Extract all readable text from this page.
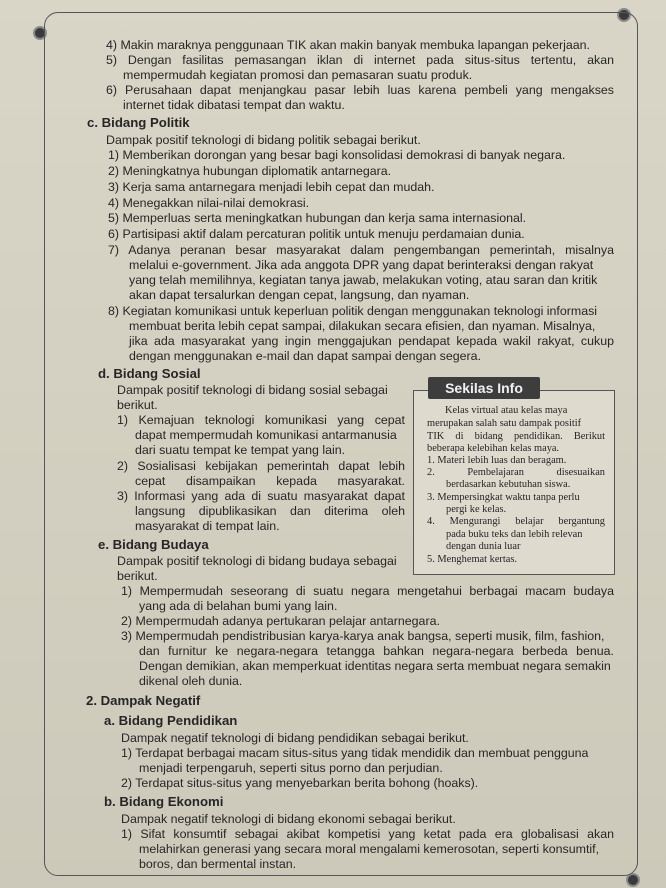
4) Makin maraknya penggunaan TIK akan makin banyak membuka lapangan pekerjaan.
5) Dengan fasilitas pemasangan iklan di internet pada situs-situs tertentu, akan
mempermudah kegiatan promosi dan pemasaran suatu produk.
6) Perusahaan dapat menjangkau pasar lebih luas karena pembeli yang mengakses
internet tidak dibatasi tempat dan waktu.
c. Bidang Politik
Dampak positif teknologi di bidang politik sebagai berikut.
1) Memberikan dorongan yang besar bagi konsolidasi demokrasi di banyak negara.
2) Meningkatnya hubungan diplomatik antarnegara.
3) Kerja sama antarnegara menjadi lebih cepat dan mudah.
4) Menegakkan nilai-nilai demokrasi.
5) Memperluas serta meningkatkan hubungan dan kerja sama internasional.
6) Partisipasi aktif dalam percaturan politik untuk menuju perdamaian dunia.
7) Adanya peranan besar masyarakat dalam pengembangan pemerintah, misalnya
melalui e-government. Jika ada anggota DPR yang dapat berinteraksi dengan rakyat
yang telah memilihnya, kegiatan tanya jawab, melakukan voting, atau saran dan kritik
akan dapat tersalurkan dengan cepat, langsung, dan nyaman.
8) Kegiatan komunikasi untuk keperluan politik dengan menggunakan teknologi informasi
membuat berita lebih cepat sampai, dilakukan secara efisien, dan nyaman. Misalnya,
jika ada masyarakat yang ingin menggajukan pendapat kepada wakil rakyat, cukup
dengan menggunakan e-mail dan dapat sampai dengan segera.
d. Bidang Sosial
Dampak positif teknologi di bidang sosial sebagai
berikut.
1) Kemajuan teknologi komunikasi yang cepat
dapat mempermudah komunikasi antarmanusia
dari suatu tempat ke tempat yang lain.
2) Sosialisasi kebijakan pemerintah dapat lebih
cepat disampaikan kepada masyarakat.
3) Informasi yang ada di suatu masyarakat dapat
langsung dipublikasikan dan diterima oleh
masyarakat di tempat lain.
e. Bidang Budaya
Dampak positif teknologi di bidang budaya sebagai
berikut.
1) Mempermudah seseorang di suatu negara mengetahui berbagai macam budaya
yang ada di belahan bumi yang lain.
2) Mempermudah adanya pertukaran pelajar antarnegara.
3) Mempermudah pendistribusian karya-karya anak bangsa, seperti musik, film, fashion,
dan furnitur ke negara-negara tetangga bahkan negara-negara berbeda benua.
Dengan demikian, akan memperkuat identitas negara serta membuat negara semakin
dikenal oleh dunia.
2. Dampak Negatif
a. Bidang Pendidikan
Dampak negatif teknologi di bidang pendidikan sebagai berikut.
1) Terdapat berbagai macam situs-situs yang tidak mendidik dan membuat pengguna
menjadi terpengaruh, seperti situs porno dan perjudian.
2) Terdapat situs-situs yang menyebarkan berita bohong (hoaks).
b. Bidang Ekonomi
Dampak negatif teknologi di bidang ekonomi sebagai berikut.
1) Sifat konsumtif sebagai akibat kompetisi yang ketat pada era globalisasi akan
melahirkan generasi yang secara moral mengalami kemerosotan, seperti konsumtif,
boros, dan bermental instan.
Sekilas Info
Kelas virtual atau kelas maya
merupakan salah satu dampak positif
TIK di bidang pendidikan. Berikut
beberapa kelebihan kelas maya.
1. Materi lebih luas dan beragam.
2. Pembelajaran disesuaikan
berdasarkan kebutuhan siswa.
3. Mempersingkat waktu tanpa perlu
pergi ke kelas.
4. Mengurangi belajar bergantung
pada buku teks dan lebih relevan
dengan dunia luar
5. Menghemat kertas.
